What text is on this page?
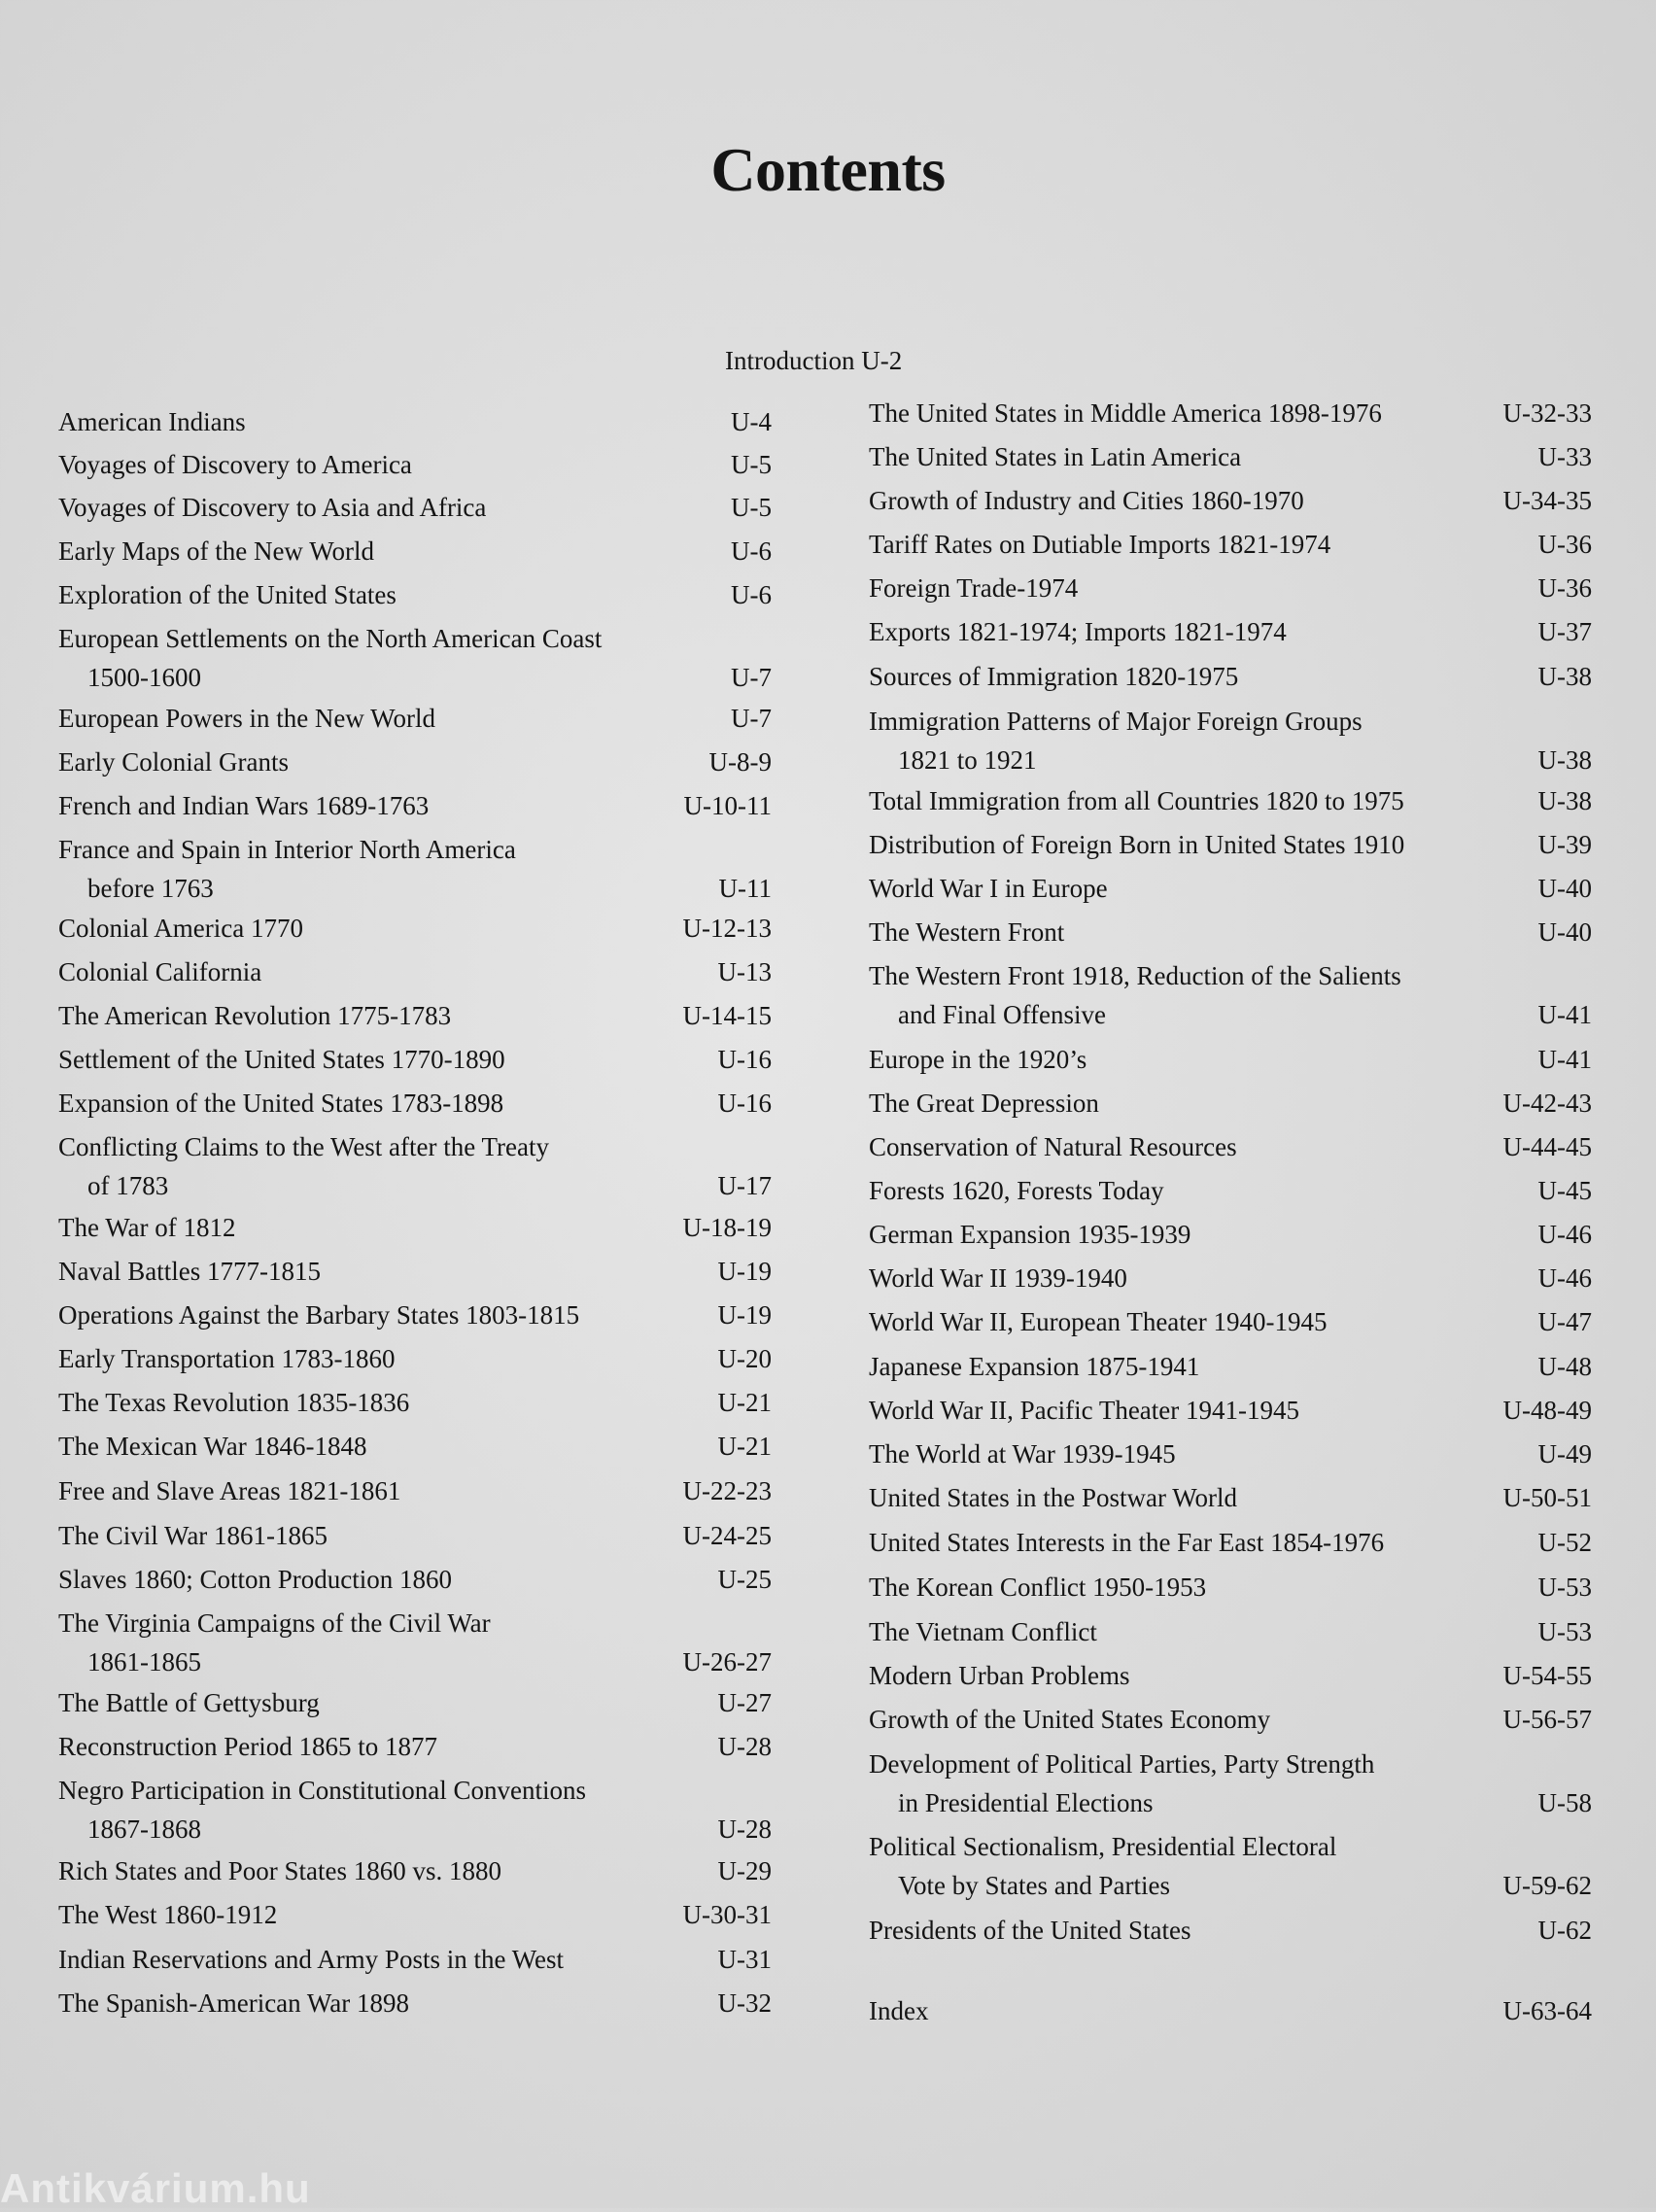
Contents
Introduction U-2
American Indians	U-4
Voyages of Discovery to America	U-5
Voyages of Discovery to Asia and Africa	U-5
Early Maps of the New World	U-6
Exploration of the United States	U-6
European Settlements on the North American Coast
1500-1600	U-7
European Powers in the New World	U-7
Early Colonial Grants	U-8-9
French and Indian Wars 1689-1763	U-10-11
France and Spain in Interior North America
before 1763	U-11
Colonial America 1770	U-12-13
Colonial California	U-13
The American Revolution 1775-1783	U-14-15
Settlement of the United States 1770-1890	U-16
Expansion of the United States 1783-1898	U-16
Conflicting Claims to the West after the Treaty
of 1783	U-17
The War of 1812	U-18-19
Naval Battles 1777-1815	U-19
Operations Against the Barbary States 1803-1815	U-19
Early Transportation 1783-1860	U-20
The Texas Revolution 1835-1836	U-21
The Mexican War 1846-1848	U-21
Free and Slave Areas 1821-1861	U-22-23
The Civil War 1861-1865	U-24-25
Slaves 1860; Cotton Production 1860	U-25
The Virginia Campaigns of the Civil War
1861-1865	U-26-27
The Battle of Gettysburg	U-27
Reconstruction Period 1865 to 1877	U-28
Negro Participation in Constitutional Conventions
1867-1868	U-28
Rich States and Poor States 1860 vs. 1880	U-29
The West 1860-1912	U-30-31
Indian Reservations and Army Posts in the West	U-31
The Spanish-American War 1898	U-32
The United States in Middle America 1898-1976	U-32-33
The United States in Latin America	U-33
Growth of Industry and Cities 1860-1970	U-34-35
Tariff Rates on Dutiable Imports 1821-1974	U-36
Foreign Trade-1974	U-36
Exports 1821-1974; Imports 1821-1974	U-37
Sources of Immigration 1820-1975	U-38
Immigration Patterns of Major Foreign Groups
1821 to 1921	U-38
Total Immigration from all Countries 1820 to 1975	U-38
Distribution of Foreign Born in United States 1910	U-39
World War I in Europe	U-40
The Western Front	U-40
The Western Front 1918, Reduction of the Salients
and Final Offensive	U-41
Europe in the 1920’s	U-41
The Great Depression	U-42-43
Conservation of Natural Resources	U-44-45
Forests 1620, Forests Today	U-45
German Expansion 1935-1939	U-46
World War II 1939-1940	U-46
World War II, European Theater 1940-1945	U-47
Japanese Expansion 1875-1941	U-48
World War II, Pacific Theater 1941-1945	U-48-49
The World at War 1939-1945	U-49
United States in the Postwar World	U-50-51
United States Interests in the Far East 1854-1976	U-52
The Korean Conflict 1950-1953	U-53
The Vietnam Conflict	U-53
Modern Urban Problems	U-54-55
Growth of the United States Economy	U-56-57
Development of Political Parties, Party Strength
in Presidential Elections	U-58
Political Sectionalism, Presidential Electoral
Vote by States and Parties	U-59-62
Presidents of the United States	U-62
Index	U-63-64
Antikvárium.hu
